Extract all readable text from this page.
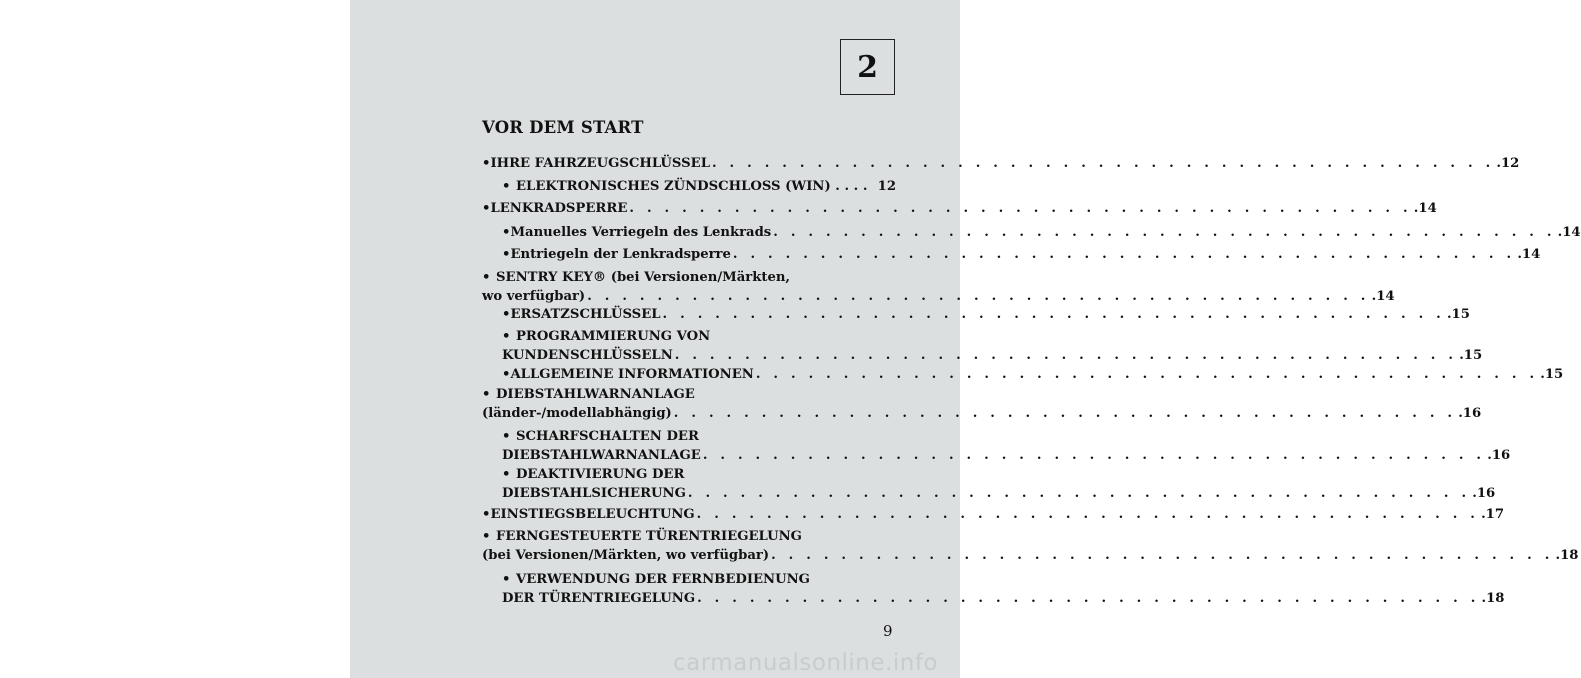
2
VOR DEM START
• IHRE FAHRZEUGSCHLÜSSEL . . . . . . . . . . . . . . . . . . . . . . . . . . . . . . . . . . . . . . . . . . . . . .12
• ELEKTRONISCHES ZÜNDSCHLOSS (WIN) . . . . 12
• LENKRADSPERRE . . . . . . . . . . . . . . . . . . . . . . . . . . . . . . . . . . . . . . . . . . . . . .14
• Manuelles Verriegeln des Lenkrads . . . . . . . . . . . . . . . . . . . . . . . . . . . . . . . . . . . . . . . . . . . . . .14
• Entriegeln der Lenkradsperre . . . . . . . . . . . . . . . . . . . . . . . . . . . . . . . . . . . . . . . . . . . . . .14
• SENTRY KEY® (bei Versionen/Märkten,
wo verfügbar) . . . . . . . . . . . . . . . . . . . . . . . . . . . . . . . . . . . . . . . . . . . . . .14
• ERSATZSCHLÜSSEL . . . . . . . . . . . . . . . . . . . . . . . . . . . . . . . . . . . . . . . . . . . . . .15
• PROGRAMMIERUNG VON
KUNDENSCHLÜSSELN . . . . . . . . . . . . . . . . . . . . . . . . . . . . . . . . . . . . . . . . . . . . . .15
• ALLGEMEINE INFORMATIONEN . . . . . . . . . . . . . . . . . . . . . . . . . . . . . . . . . . . . . . . . . . . . . .15
• DIEBSTAHLWARNANLAGE
(länder-/modellabhängig) . . . . . . . . . . . . . . . . . . . . . . . . . . . . . . . . . . . . . . . . . . . . . .16
• SCHARFSCHALTEN DER
DIEBSTAHLWARNANLAGE . . . . . . . . . . . . . . . . . . . . . . . . . . . . . . . . . . . . . . . . . . . . . .16
• DEAKTIVIERUNG DER
DIEBSTAHLSICHERUNG . . . . . . . . . . . . . . . . . . . . . . . . . . . . . . . . . . . . . . . . . . . . . .16
• EINSTIEGSBELEUCHTUNG . . . . . . . . . . . . . . . . . . . . . . . . . . . . . . . . . . . . . . . . . . . . . .17
• FERNGESTEUERTE TÜRENTRIEGELUNG
(bei Versionen/Märkten, wo verfügbar) . . . . . . . . . . . . . . . . . . . . . . . . . . . . . . . . . . . . . . . . . . . . . .18
• VERWENDUNG DER FERNBEDIENUNG
DER TÜRENTRIEGELUNG . . . . . . . . . . . . . . . . . . . . . . . . . . . . . . . . . . . . . . . . . . . . . .18
9
carmanualsonline.info
